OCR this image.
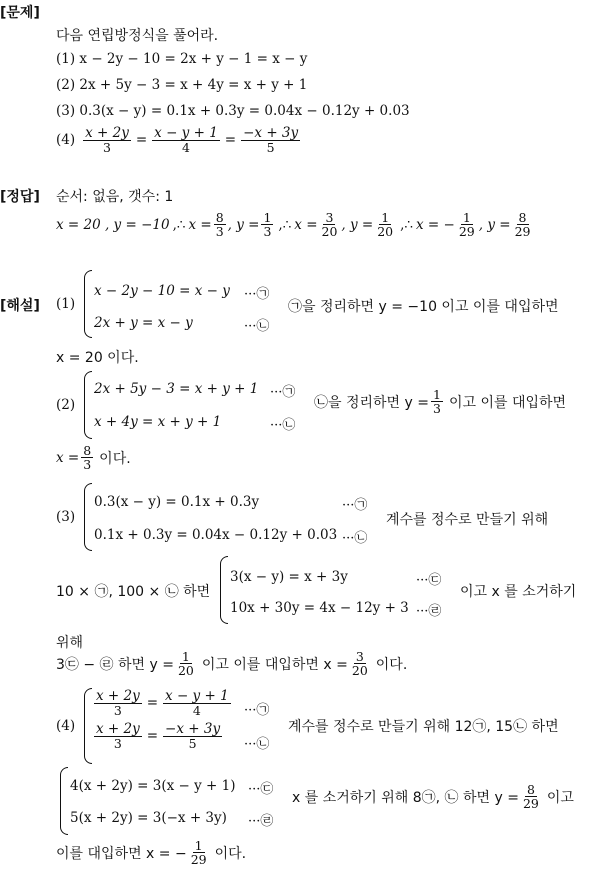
[문제]
다음 연립방정식을 풀어라.
(1) x − 2y − 10 = 2x + y − 1 = x − y
(2) 2x + 5y − 3 = x + 4y = x + y + 1
(3) 0.3(x − y) = 0.1x + 0.3y = 0.04x − 0.12y + 0.03
$(4) \frac{x + 2y}{3} = \frac{x - y + 1}{4} = \frac{-x + 3y}{5}$
[정답] 순서: 없음, 갯수: 1
x = 20 , y = −10 ,∴ $x = \frac{8}{3}$ , $y = \frac{1}{3}$ ,∴ $x = \frac{3}{20}$ , $y = \frac{1}{20}$ ,∴ x = − $\frac{1}{29}$ , $y = \frac{8}{29}$
[해설] (1)
x − 2y − 10 = x − y ···㉠
2x + y = x − y	···㉡
㉠을 정리하면 y = −10 이고 이를 대입하면
x = 20 이다.
(2)
2x + 5y − 3 = x + y + 1 ···㉠
x + 4y = x + y + 1	···㉡
㉡을 정리하면 $y = \frac{1}{3}$ 이고 이를 대입하면
$x = \frac{8}{3}$ 이다.
(3)
0.3(x − y) = 0.1x + 0.3y	···㉠
0.1x + 0.3y = 0.04x − 0.12y + 0.03 ···㉡
계수를 정수로 만들기 위해
10 × ㉠, 100 × ㉡ 하면
3(x − y) = x + 3y	···㉢
10x + 30y = 4x − 12y + 3 ···㉣
이고 x 를 소거하기
위해
3㉢ − ㉣ 하면 $y = \frac{1}{20}$ 이고 이를 대입하면 $x = \frac{3}{20}$ 이다.
(4)
$\frac{x + 2y}{3} = \frac{x - y + 1}{4}$ ···㉠
$\frac{x + 2y}{3} = \frac{-x + 3y}{5}$ ···㉡
계수를 정수로 만들기 위해 12㉠, 15㉡ 하면
4(x + 2y) = 3(x − y + 1) ···㉢
5(x + 2y) = 3(−x + 3y) ···㉣
x 를 소거하기 위해 8㉠, ㉡ 하면 $y = \frac{8}{29}$ 이고
이를 대입하면 x = − $\frac{1}{29}$ 이다.
